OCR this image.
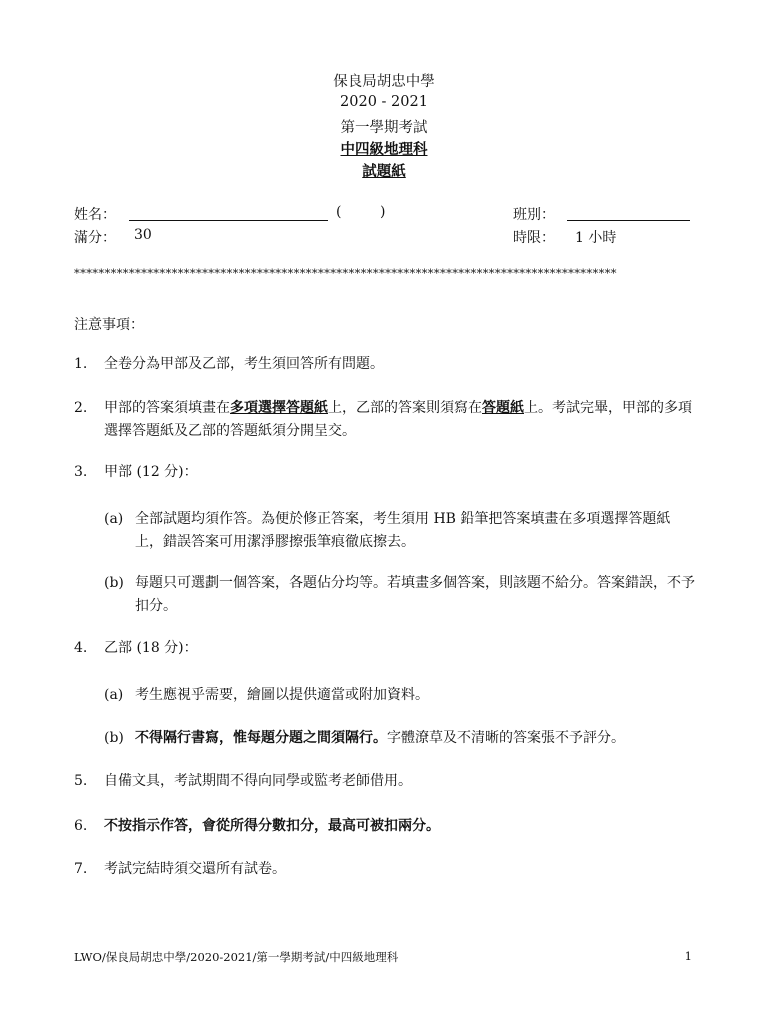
保良局胡忠中學
2020 - 2021
第一學期考試
中四級地理科
試題紙
姓名：	(	)	班別：
滿分： 30	時限： 1 小時
*****************************************************************************************
注意事項：
1. 全卷分為甲部及乙部，考生須回答所有問題。
2. 甲部的答案須填畫在多項選擇答題紙上，乙部的答案則須寫在答題紙上。考試完畢，甲部的多項選擇答題紙及乙部的答題紙須分開呈交。
3. 甲部 (12 分)：
(a) 全部試題均須作答。為便於修正答案，考生須用 HB 鉛筆把答案填畫在多項選擇答題紙上，錯誤答案可用潔淨膠擦張筆痕徹底擦去。
(b) 每題只可選劃一個答案，各題佔分均等。若填畫多個答案，則該題不給分。答案錯誤，不予扣分。
4. 乙部 (18 分)：
(a) 考生應視乎需要，繪圖以提供適當或附加資料。
(b) 不得隔行書寫，惟每題分題之間須隔行。字體潦草及不清晰的答案張不予評分。
5. 自備文具，考試期間不得向同學或監考老師借用。
6. 不按指示作答，會從所得分數扣分，最高可被扣兩分。
7. 考試完結時須交還所有試卷。
LWO/保良局胡忠中學/2020-2021/第一學期考試/中四級地理科	1
